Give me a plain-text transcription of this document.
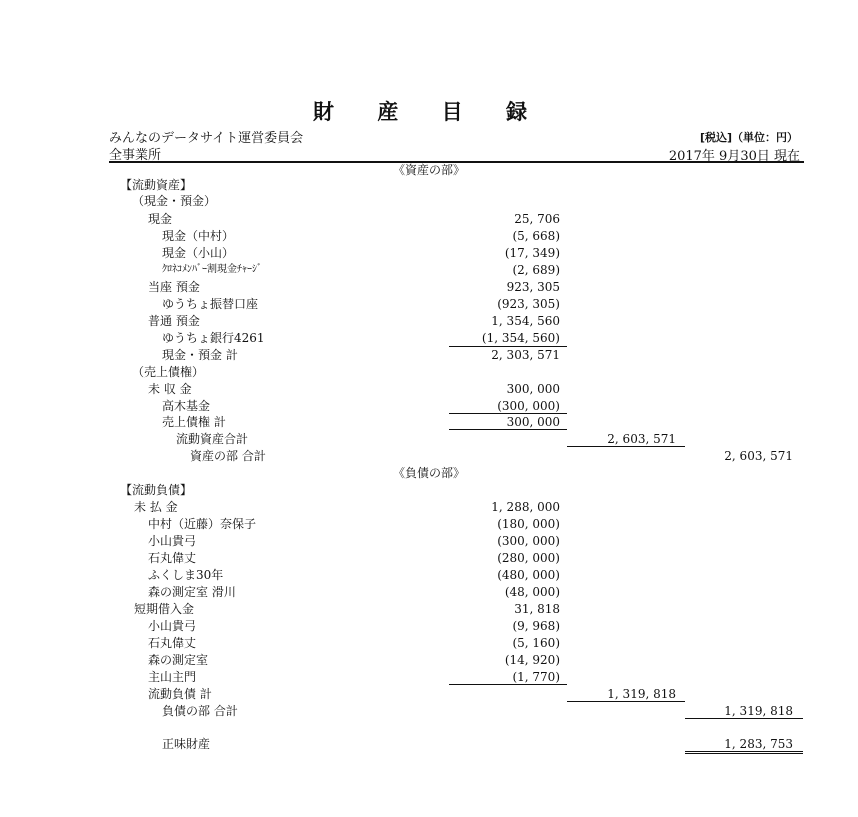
財 産 目 録
みんなのデータサイト運営委員会
全事業所
[税込]（単位：円）
2017年 9月30日 現在
《資産の部》
【流動資産】
（現金・預金）
現金	25, 706
現金（中村）	(5, 668)
現金（小山）	(17, 349)
ｸﾛﾈｺﾒﾝﾊﾞｰ割現金ﾁｬｰｼﾞ	(2, 689)
当座 預金	923, 305
ゆうちょ振替口座	(923, 305)
普通 預金	1, 354, 560
ゆうちょ銀行4261	(1, 354, 560)
現金・預金 計	2, 303, 571
（売上債権）
未 収 金	300, 000
高木基金	(300, 000)
売上債権 計	300, 000
流動資産合計	2, 603, 571
資産の部 合計	2, 603, 571
《負債の部》
【流動負債】
未 払 金	1, 288, 000
中村（近藤）奈保子	(180, 000)
小山貴弓	(300, 000)
石丸偉丈	(280, 000)
ふくしま30年	(480, 000)
森の測定室 滑川	(48, 000)
短期借入金	31, 818
小山貴弓	(9, 968)
石丸偉丈	(5, 160)
森の測定室	(14, 920)
主山主門	(1, 770)
流動負債 計	1, 319, 818
負債の部 合計	1, 319, 818
正味財産	1, 283, 753
